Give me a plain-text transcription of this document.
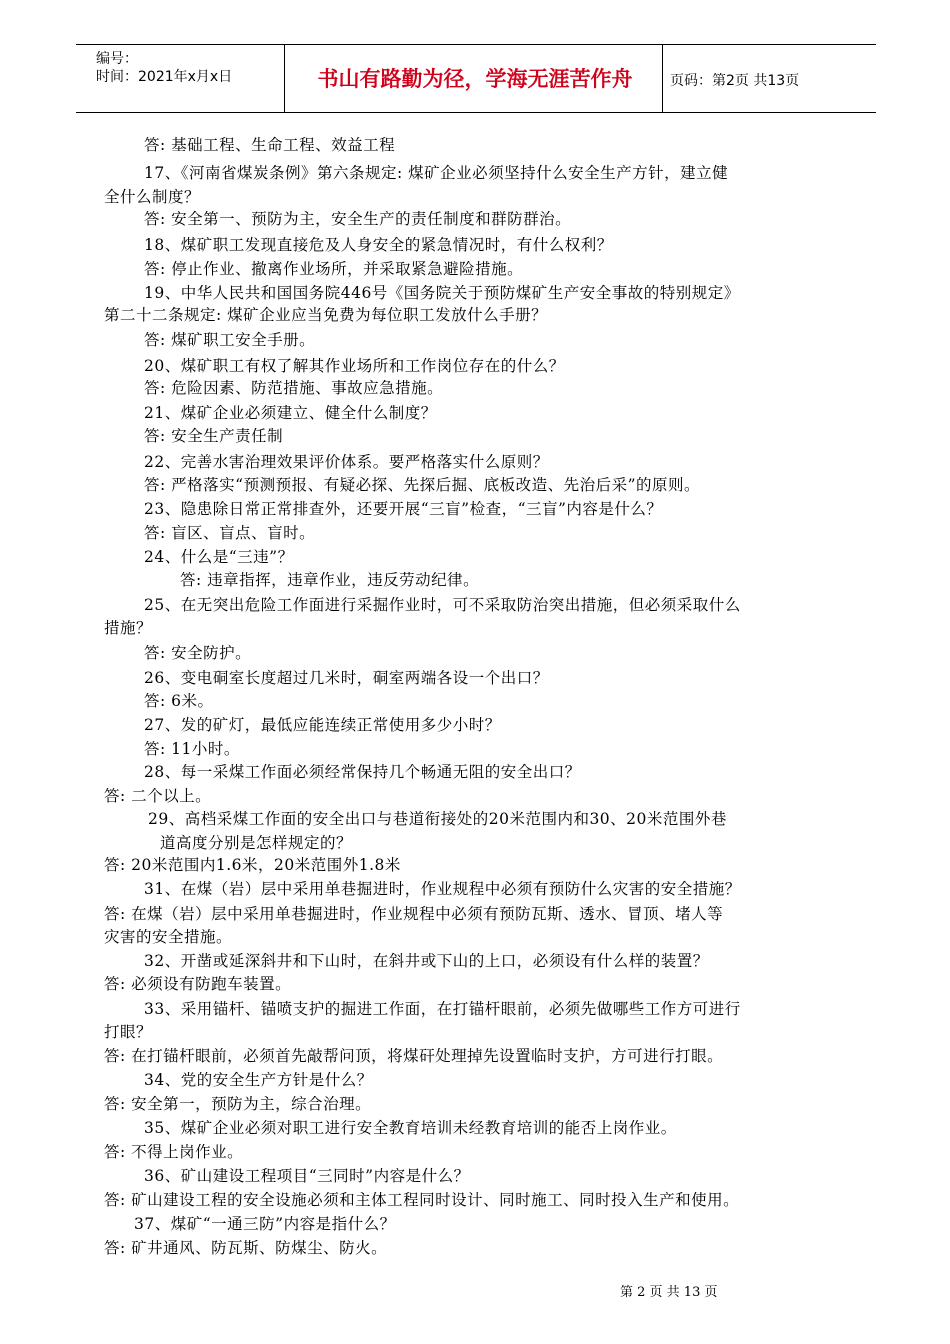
编号：
时间：2021年x月x日	书山有路勤为径，学海无涯苦作舟	页码：第2页 共13页
答: 基础工程、生命工程、效益工程
17、《河南省煤炭条例》第六条规定: 煤矿企业必须坚持什么安全生产方针，建立健
全什么制度？
答: 安全第一、预防为主，安全生产的责任制度和群防群治。
18、煤矿职工发现直接危及人身安全的紧急情况时，有什么权利？
答: 停止作业、撤离作业场所，并采取紧急避险措施。
19、中华人民共和国国务院446号《国务院关于预防煤矿生产安全事故的特别规定》
第二十二条规定: 煤矿企业应当免费为每位职工发放什么手册？
答: 煤矿职工安全手册。
20、煤矿职工有权了解其作业场所和工作岗位存在的什么？
答: 危险因素、防范措施、事故应急措施。
21、煤矿企业必须建立、健全什么制度？
答: 安全生产责任制
22、完善水害治理效果评价体系。要严格落实什么原则？
答: 严格落实“预测预报、有疑必探、先探后掘、底板改造、先治后采”的原则。
23、隐患除日常正常排查外，还要开展“三盲”检查，“三盲”内容是什么？
答: 盲区、盲点、盲时。
24、什么是“三违”？
答: 违章指挥，违章作业，违反劳动纪律。
25、在无突出危险工作面进行采掘作业时，可不采取防治突出措施，但必须采取什么
措施？
答: 安全防护。
26、变电硐室长度超过几米时，硐室两端各设一个出口？
答: 6米。
27、发的矿灯，最低应能连续正常使用多少小时？
答: 11小时。
28、每一采煤工作面必须经常保持几个畅通无阻的安全出口？
答: 二个以上。
29、高档采煤工作面的安全出口与巷道衔接处的20米范围内和30、20米范围外巷
道高度分别是怎样规定的？
答: 20米范围内1.6米，20米范围外1.8米
31、在煤（岩）层中采用单巷掘进时，作业规程中必须有预防什么灾害的安全措施？
答: 在煤（岩）层中采用单巷掘进时，作业规程中必须有预防瓦斯、透水、冒顶、堵人等
灾害的安全措施。
32、开凿或延深斜井和下山时，在斜井或下山的上口，必须设有什么样的装置？
答: 必须设有防跑车装置。
33、采用锚杆、锚喷支护的掘进工作面，在打锚杆眼前，必须先做哪些工作方可进行
打眼？
答: 在打锚杆眼前，必须首先敲帮问顶，将煤矸处理掉先设置临时支护，方可进行打眼。
34、党的安全生产方针是什么？
答: 安全第一，预防为主，综合治理。
35、煤矿企业必须对职工进行安全教育培训未经教育培训的能否上岗作业。
答: 不得上岗作业。
36、矿山建设工程项目“三同时”内容是什么？
答: 矿山建设工程的安全设施必须和主体工程同时设计、同时施工、同时投入生产和使用。
37、煤矿“一通三防”内容是指什么？
答: 矿井通风、防瓦斯、防煤尘、防火。
第 2 页 共 13 页
